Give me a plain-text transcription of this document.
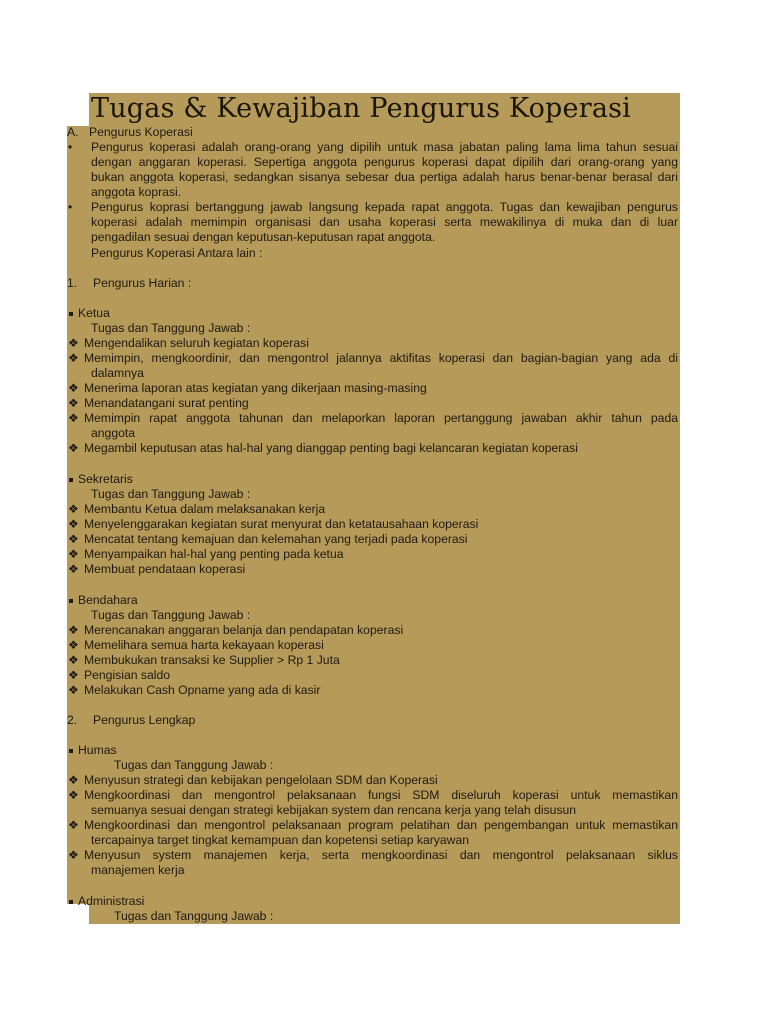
Tugas & Kewajiban Pengurus Koperasi
A. Pengurus Koperasi
• Pengurus koperasi adalah orang-orang yang dipilih untuk masa jabatan paling lama lima tahun sesuai
dengan anggaran koperasi. Sepertiga anggota pengurus koperasi dapat dipilih dari orang-orang yang
bukan anggota koperasi, sedangkan sisanya sebesar dua pertiga adalah harus benar-benar berasal dari
anggota koprasi.
• Pengurus koprasi bertanggung jawab langsung kepada rapat anggota. Tugas dan kewajiban pengurus
koperasi adalah memimpin organisasi dan usaha koperasi serta mewakilinya di muka dan di luar
pengadilan sesuai dengan keputusan-keputusan rapat anggota.
Pengurus Koperasi Antara lain :
1. Pengurus Harian :
Ketua
Tugas dan Tanggung Jawab :
❖ Mengendalikan seluruh kegiatan koperasi
❖ Memimpin, mengkoordinir, dan mengontrol jalannya aktifitas koperasi dan bagian-bagian yang ada di
dalamnya
❖ Menerima laporan atas kegiatan yang dikerjaan masing-masing
❖ Menandatangani surat penting
❖ Memimpin rapat anggota tahunan dan melaporkan laporan pertanggung jawaban akhir tahun pada
anggota
❖ Megambil keputusan atas hal-hal yang dianggap penting bagi kelancaran kegiatan koperasi
Sekretaris
Tugas dan Tanggung Jawab :
❖ Membantu Ketua dalam melaksanakan kerja
❖ Menyelenggarakan kegiatan surat menyurat dan ketatausahaan koperasi
❖ Mencatat tentang kemajuan dan kelemahan yang terjadi pada koperasi
❖ Menyampaikan hal-hal yang penting pada ketua
❖ Membuat pendataan koperasi
Bendahara
Tugas dan Tanggung Jawab :
❖ Merencanakan anggaran belanja dan pendapatan koperasi
❖ Memelihara semua harta kekayaan koperasi
❖ Membukukan transaksi ke Supplier > Rp 1 Juta
❖ Pengisian saldo
❖ Melakukan Cash Opname yang ada di kasir
2. Pengurus Lengkap
Humas
Tugas dan Tanggung Jawab :
❖ Menyusun strategi dan kebijakan pengelolaan SDM dan Koperasi
❖ Mengkoordinasi dan mengontrol pelaksanaan fungsi SDM diseluruh koperasi untuk memastikan
semuanya sesuai dengan strategi kebijakan system dan rencana kerja yang telah disusun
❖ Mengkoordinasi dan mengontrol pelaksanaan program pelatihan dan pengembangan untuk memastikan
tercapainya target tingkat kemampuan dan kopetensi setiap karyawan
❖ Menyusun system manajemen kerja, serta mengkoordinasi dan mengontrol pelaksanaan siklus
manajemen kerja
Administrasi
Tugas dan Tanggung Jawab :
